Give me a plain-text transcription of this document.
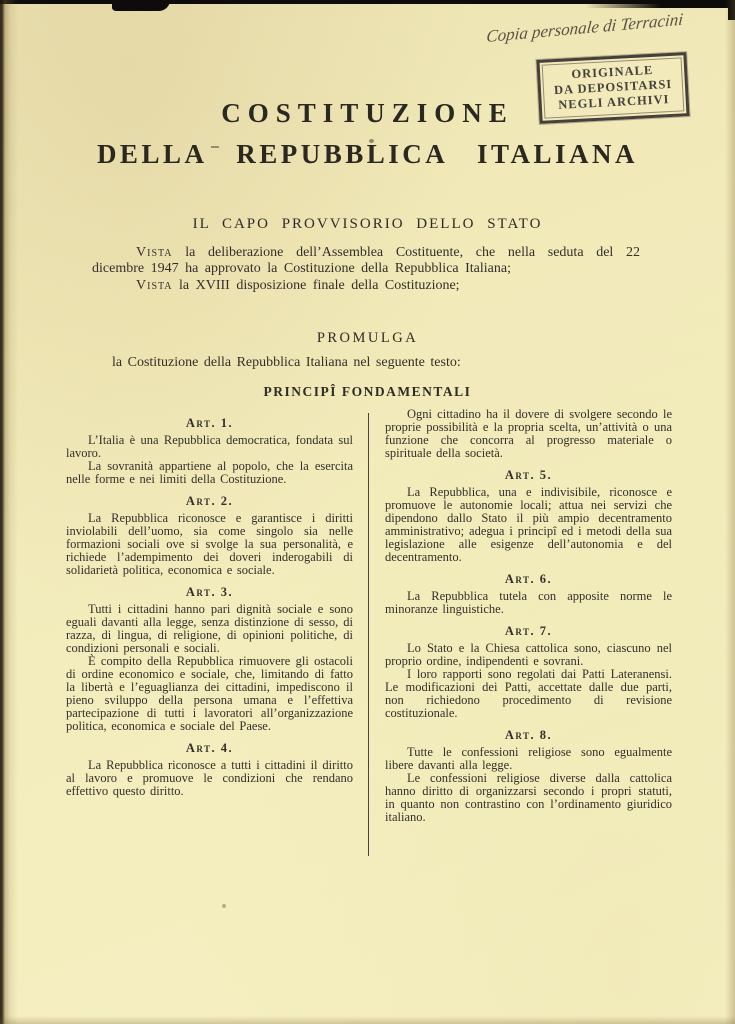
Copia personale di Terracini
ORIGINALE
DA DEPOSITARSI
NEGLI ARCHIVI
COSTITUZIONE
DELLA REPUBBLICA ITALIANA
IL CAPO PROVVISORIO DELLO STATO

Vista la deliberazione dell’Assemblea Costituente, che nella seduta del 22 dicembre 1947 ha approvato la Costituzione della Repubblica Italiana;

Vista la XVIII disposizione finale della Costituzione;

PROMULGA
la Costituzione della Repubblica Italiana nel seguente testo:
PRINCIPÎ FONDAMENTALI
Art. 1.
L’Italia è una Repubblica democratica, fondata sul lavoro.
La sovranità appartiene al popolo, che la esercita nelle forme e nei limiti della Costituzione.
Art. 2.
La Repubblica riconosce e garantisce i diritti inviolabili dell’uomo, sia come singolo sia nelle formazioni sociali ove si svolge la sua personalità, e richiede l’adempimento dei doveri inderogabili di solidarietà politica, economica e sociale.
Art. 3.
Tutti i cittadini hanno pari dignità sociale e sono eguali davanti alla legge, senza distinzione di sesso, di razza, di lingua, di religione, di opinioni politiche, di condizioni personali e sociali.
È compito della Repubblica rimuovere gli ostacoli di ordine economico e sociale, che, limitando di fatto la libertà e l’eguaglianza dei cittadini, impediscono il pieno sviluppo della persona umana e l’effettiva partecipazione di tutti i lavoratori all’organizzazione politica, economica e sociale del Paese.
Art. 4.
La Repubblica riconosce a tutti i cittadini il diritto al lavoro e promuove le condizioni che rendano effettivo questo diritto.
Ogni cittadino ha il dovere di svolgere secondo le proprie possibilità e la propria scelta, un’attività o una funzione che concorra al progresso materiale o spirituale della società.
Art. 5.
La Repubblica, una e indivisibile, riconosce e promuove le autonomie locali; attua nei servizi che dipendono dallo Stato il più ampio decentramento amministrativo; adegua i principî ed i metodi della sua legislazione alle esigenze dell’autonomia e del decentramento.
Art. 6.
La Repubblica tutela con apposite norme le minoranze linguistiche.
Art. 7.
Lo Stato e la Chiesa cattolica sono, ciascuno nel proprio ordine, indipendenti e sovrani.
I loro rapporti sono regolati dai Patti Lateranensi. Le modificazioni dei Patti, accettate dalle due parti, non richiedono procedimento di revisione costituzionale.
Art. 8.
Tutte le confessioni religiose sono egualmente libere davanti alla legge.
Le confessioni religiose diverse dalla cattolica hanno diritto di organizzarsi secondo i propri statuti, in quanto non contrastino con l’ordinamento giuridico italiano.
